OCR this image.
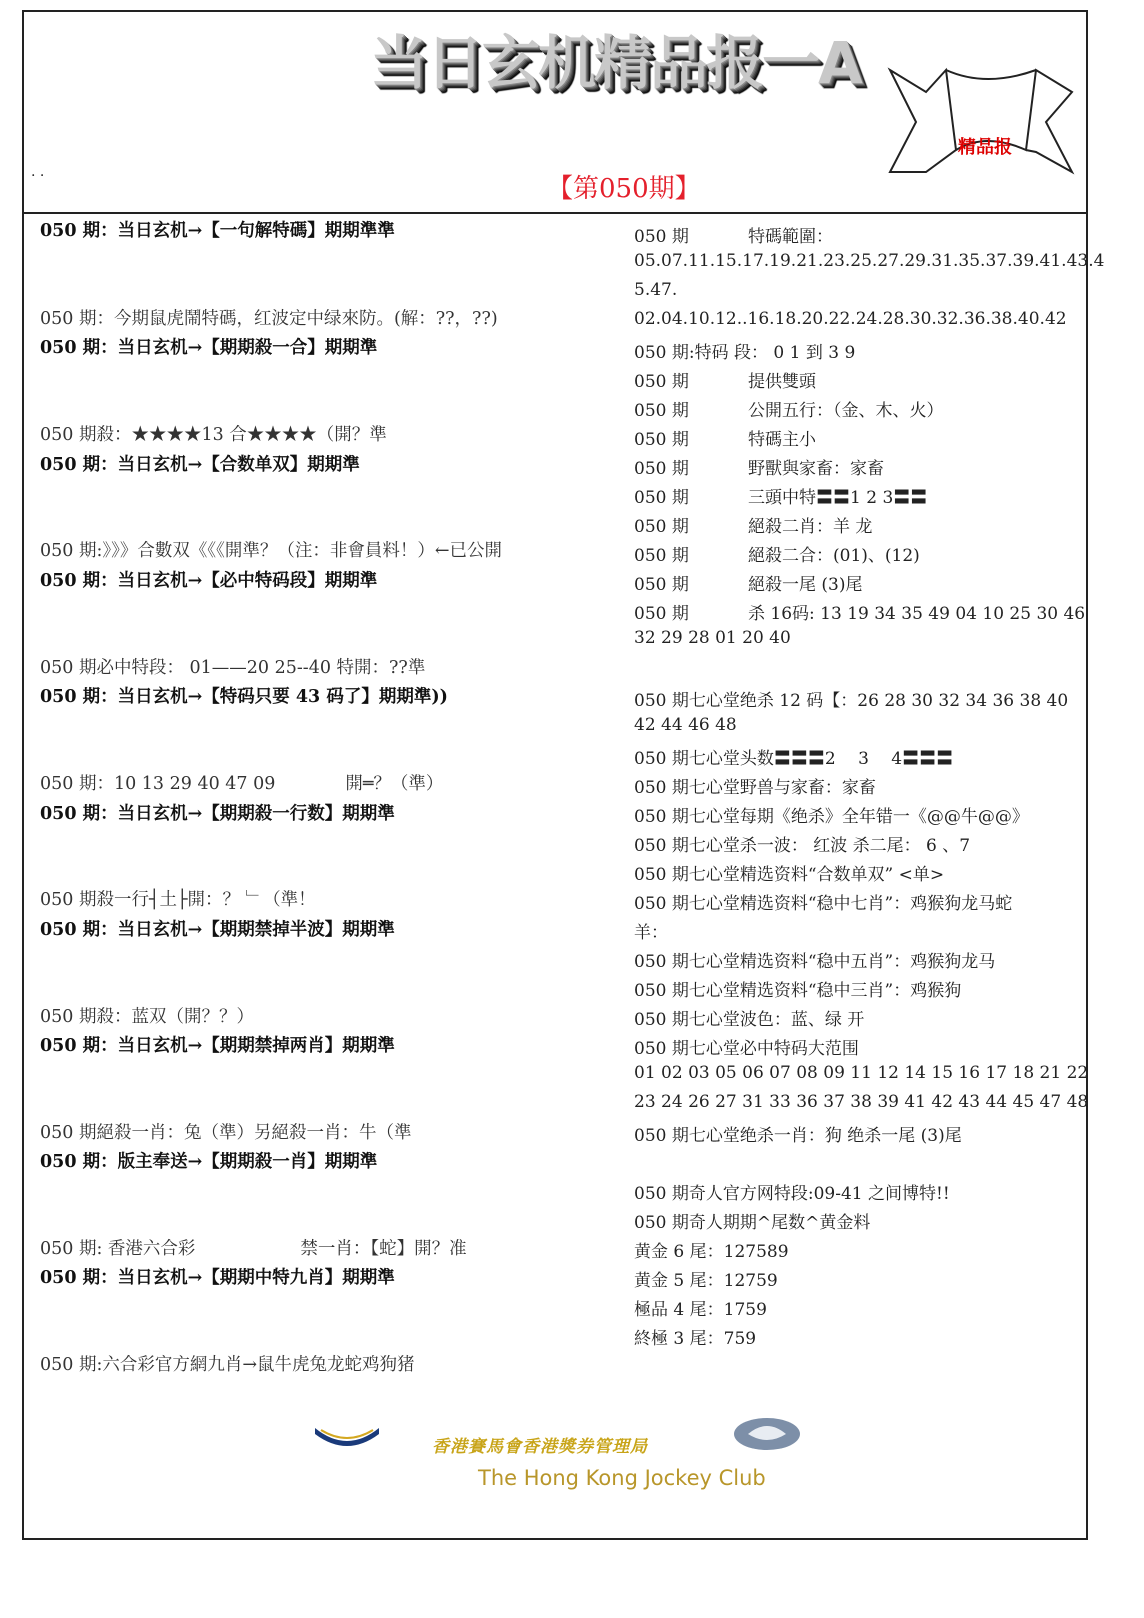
当日玄机精品报一A
精品报
. .
【第050期】
050 期：当日玄机→【一句解特碼】期期準準
050 期：今期鼠虎鬧特碼，红波定中绿來防。(解：??，??)
050 期：当日玄机→【期期殺一合】期期準
050 期殺：★★★★13 合★★★★（開？準
050 期：当日玄机→【合数单双】期期準
050 期:》》》合數双《《《開準？（注：非會員料！）←已公開
050 期：当日玄机→【必中特码段】期期準
050 期必中特段： 01——20 25--40 特開：??準
050 期：当日玄机→【特码只要 43 码了】期期準))
050 期：10 13 29 40 47 09　　　　開═？（準）
050 期：当日玄机→【期期殺一行数】期期準
050 期殺一行┤土├開：？ ﹂（準！
050 期：当日玄机→【期期禁掉半波】期期準
050 期殺：蓝双（開？？）
050 期：当日玄机→【期期禁掉两肖】期期準
050 期絕殺一肖：兔（準）另絕殺一肖：牛（準
050 期：版主奉送→【期期殺一肖】期期準
050 期: 香港六合彩　　　　　　禁一肖：【蛇】開？准
050 期：当日玄机→【期期中特九肖】期期準
050 期:六合彩官方網九肖→鼠牛虎兔龙蛇鸡狗猪
050 期	特碼範圍：
05.07.11.15.17.19.21.23.25.27.29.31.35.37.39.41.43.4
5.47.
02.04.10.12..16.18.20.22.24.28.30.32.36.38.40.42
050 期:特码 段： 0 1 到 3 9
050 期	提供雙頭
050 期	公開五行：（金、木、火）
050 期	特碼主小
050 期	野獸與家畜：家畜
050 期	三頭中特〓〓1 2 3〓〓
050 期	絕殺二肖：羊 龙
050 期	絕殺二合：(01)、(12)
050 期	絕殺一尾 (3)尾
050 期	杀 16码: 13 19 34 35 49 04 10 25 30 46
32 29 28 01 20 40
050 期七心堂绝杀 12 码【：26 28 30 32 34 36 38 40
42 44 46 48
050 期七心堂头数〓〓〓2　 3　 4〓〓〓
050 期七心堂野兽与家畜：家畜
050 期七心堂每期《绝杀》全年错一《@@牛@@》
050 期七心堂杀一波： 红波 杀二尾： 6 、7
050 期七心堂精选资料“合数单双” <单>
050 期七心堂精选资料“稳中七肖”：鸡猴狗龙马蛇
羊：
050 期七心堂精选资料“稳中五肖”：鸡猴狗龙马
050 期七心堂精选资料“稳中三肖”：鸡猴狗
050 期七心堂波色：蓝、绿 开
050 期七心堂必中特码大范围
01 02 03 05 06 07 08 09 11 12 14 15 16 17 18 21 22
23 24 26 27 31 33 36 37 38 39 41 42 43 44 45 47 48
050 期七心堂绝杀一肖：狗 绝杀一尾 (3)尾
050 期奇人官方网特段:09-41 之间博特!!
050 期奇人期期^尾数^黄金料
黄金 6 尾：127589
黄金 5 尾：12759
極品 4 尾：1759
終極 3 尾：759
香港賽馬會香港獎券管理局
The Hong Kong Jockey Club
